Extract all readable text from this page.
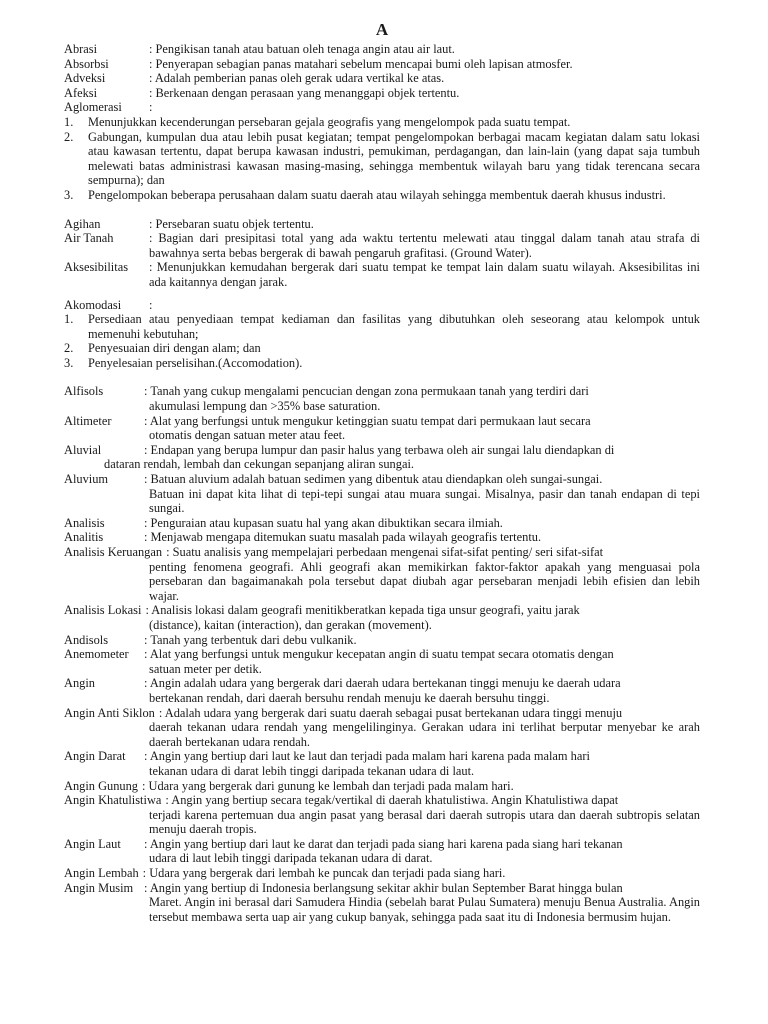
A
Abrasi	: Pengikisan tanah atau batuan oleh tenaga angin atau air laut.
Absorbsi	: Penyerapan sebagian panas matahari sebelum mencapai bumi oleh lapisan atmosfer.
Adveksi	: Adalah pemberian panas oleh gerak udara vertikal ke atas.
Afeksi	: Berkenaan dengan perasaan yang menanggapi objek tertentu.
Aglomerasi	:
1.	Menunjukkan kecenderungan persebaran gejala geografis yang mengelompok pada suatu tempat.
2.	Gabungan, kumpulan dua atau lebih pusat kegiatan; tempat pengelompokan berbagai macam kegiatan dalam satu lokasi atau kawasan tertentu, dapat berupa kawasan industri, pemukiman, perdagangan, dan lain-lain (yang dapat saja tumbuh melewati batas administrasi kawasan masing-masing, sehingga membentuk wilayah baru yang tidak terencana secara sempurna); dan
3.	Pengelompokan beberapa perusahaan dalam suatu daerah atau wilayah sehingga membentuk daerah khusus industri.
Agihan	: Persebaran suatu objek tertentu.
Air Tanah	: Bagian dari presipitasi total yang ada waktu tertentu melewati atau tinggal dalam tanah atau strafa di bawahnya serta bebas bergerak di bawah pengaruh grafitasi. (Ground Water).
Aksesibilitas	: Menunjukkan kemudahan bergerak dari suatu tempat ke tempat lain dalam suatu wilayah. Aksesibilitas ini ada kaitannya dengan jarak.
Akomodasi	:
1.	Persediaan atau penyediaan tempat kediaman dan fasilitas yang dibutuhkan oleh seseorang atau kelompok untuk memenuhi kebutuhan;
2.	Penyesuaian diri dengan alam; dan
3.	Penyelesaian perselisihan.(Accomodation).
Alfisols	: Tanah yang cukup mengalami pencucian dengan zona permukaan tanah yang terdiri dari
akumulasi lempung dan >35% base saturation.
Altimeter	: Alat yang berfungsi untuk mengukur ketinggian suatu tempat dari permukaan laut secara
otomatis dengan satuan meter atau feet.
Aluvial	: Endapan yang berupa lumpur dan pasir halus yang terbawa oleh air sungai lalu diendapkan di
dataran rendah, lembah dan cekungan sepanjang aliran sungai.
Aluvium	: Batuan aluvium adalah batuan sedimen yang dibentuk atau diendapkan oleh sungai-sungai.
Batuan ini dapat kita lihat di tepi-tepi sungai atau muara sungai. Misalnya, pasir dan tanah endapan di tepi sungai.
Analisis	: Penguraian atau kupasan suatu hal yang akan dibuktikan secara ilmiah.
Analitis	: Menjawab mengapa ditemukan suatu masalah pada wilayah geografis tertentu.
Analisis Keruangan : Suatu analisis yang mempelajari perbedaan mengenai sifat-sifat penting/ seri sifat-sifat
penting fenomena geografi. Ahli geografi akan memikirkan faktor-faktor apakah yang menguasai pola persebaran dan bagaimanakah pola tersebut dapat diubah agar persebaran menjadi lebih efisien dan lebih wajar.
Analisis Lokasi : Analisis lokasi dalam geografi menitikberatkan kepada tiga unsur geografi, yaitu jarak
(distance), kaitan (interaction), dan gerakan (movement).
Andisols	: Tanah yang terbentuk dari debu vulkanik.
Anemometer	: Alat yang berfungsi untuk mengukur kecepatan angin di suatu tempat secara otomatis dengan
satuan meter per detik.
Angin	: Angin adalah udara yang bergerak dari daerah udara bertekanan tinggi menuju ke daerah udara
bertekanan rendah, dari daerah bersuhu rendah menuju ke daerah bersuhu tinggi.
Angin Anti Siklon : Adalah udara yang bergerak dari suatu daerah sebagai pusat bertekanan udara tinggi menuju
daerah tekanan udara rendah yang mengelilinginya. Gerakan udara ini terlihat berputar menyebar ke arah daerah bertekanan udara rendah.
Angin Darat	: Angin yang bertiup dari laut ke laut dan terjadi pada malam hari karena pada malam hari
tekanan udara di darat lebih tinggi daripada tekanan udara di laut.
Angin Gunung : Udara yang bergerak dari gunung ke lembah dan terjadi pada malam hari.
Angin Khatulistiwa : Angin yang bertiup secara tegak/vertikal di daerah khatulistiwa. Angin Khatulistiwa dapat
terjadi karena pertemuan dua angin pasat yang berasal dari daerah sutropis utara dan daerah subtropis selatan menuju daerah tropis.
Angin Laut	: Angin yang bertiup dari laut ke darat dan terjadi pada siang hari karena pada siang hari tekanan
udara di laut lebih tinggi daripada tekanan udara di darat.
Angin Lembah : Udara yang bergerak dari lembah ke puncak dan terjadi pada siang hari.
Angin Musim : Angin yang bertiup di Indonesia berlangsung sekitar akhir bulan September Barat hingga bulan
Maret. Angin ini berasal dari Samudera Hindia (sebelah barat Pulau Sumatera) menuju Benua Australia. Angin tersebut membawa serta uap air yang cukup banyak, sehingga pada saat itu di Indonesia bermusim hujan.
